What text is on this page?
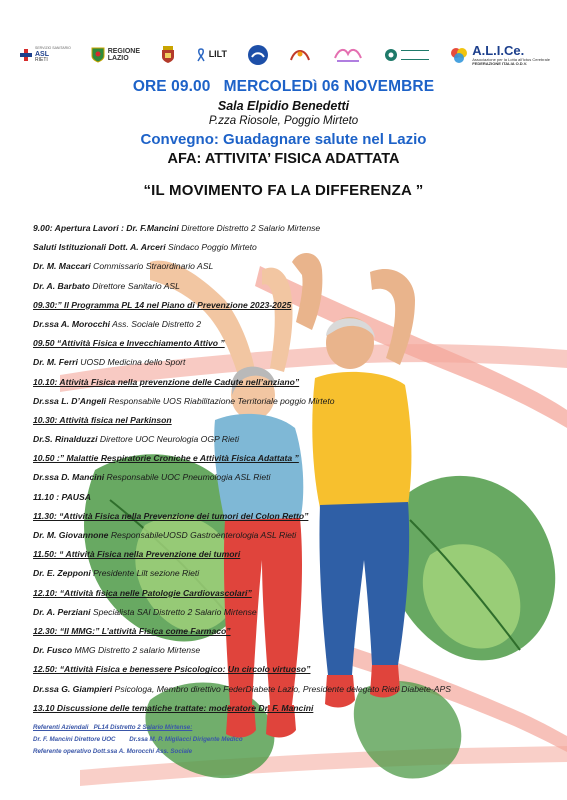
SERVIZIO SANITARIO
ASL
RIETI
REGIONE
LAZIO	LILT	A.L.I.Ce.
Associazione per la Lotta all'Ictus Cerebrale
FEDERAZIONE ITALIA O.D.V.
ORE 09.00   MERCOLEDì 06 NOVEMBRE
Sala Elpidio Benedetti
P.zza Riosole, Poggio Mirteto
Convegno: Guadagnare salute nel Lazio
AFA: ATTIVITA’ FISICA ADATTATA
“IL MOVIMENTO FA LA DIFFERENZA ”
9.00: Apertura Lavori : Dr. F.Mancini Direttore Distretto 2 Salario Mirtense
Saluti Istituzionali Dott. A. Arceri Sindaco Poggio Mirteto
Dr. M. Maccari Commissario Straordinario ASL
Dr. A. Barbato Direttore Sanitario ASL
09.30:” Il Programma PL 14 nel Piano di Prevenzione 2023-2025
Dr.ssa A. Morocchi Ass. Sociale Distretto 2
09.50 “Attività Fisica e Invecchiamento Attivo ”
Dr. M. Ferri UOSD Medicina dello Sport
10.10: Attività Fisica nella prevenzione delle Cadute nell’anziano”
Dr.ssa L. D’Angeli Responsabile UOS Riabilitazione Territoriale poggio Mirteto
10.30: Attività fisica nel Parkinson
Dr.S. Rinalduzzi Direttore UOC Neurologia OGP Rieti
10.50 :” Malattie Respiratorie Croniche e Attività Fisica Adattata ”
Dr.ssa D. Mancini Responsabile UOC Pneumologia ASL Rieti
11.10 : PAUSA
11.30: “Attività Fisica nella Prevenzione dei tumori del Colon Retto”
Dr. M. Giovannone ResponsabileUOSD Gastroenterologia ASL Rieti
11.50: “ Attività Fisica nella Prevenzione dei tumori
Dr. E. Zepponi Presidente Lilt sezione Rieti
12.10: “Attività fisica nelle Patologie Cardiovascolari”
Dr. A. Perziani Specialista SAI Distretto 2 Salario Mirtense
12.30: “Il MMG:” L’attività Fisica come Farmaco”
Dr. Fusco MMG Distretto 2 salario Mirtense
12.50: “Attività Fisica e benessere Psicologico: Un circolo virtuoso”
Dr.ssa G. Giampieri Psicologa, Membro direttivo FederDiabete Lazio, Presidente delegato Rieti Diabete-APS
13.10 Discussione delle tematiche trattate: moderatore Dr. F. Mancini
Referenti Aziendali   PL14 Distretto 2 Salario Mirtense:
Dr. F. Mancini Direttore UOC        Dr.ssa M. P. Migliacci Dirigente Medico
Referente operativo Dott.ssa A. Morocchi Ass. Sociale
